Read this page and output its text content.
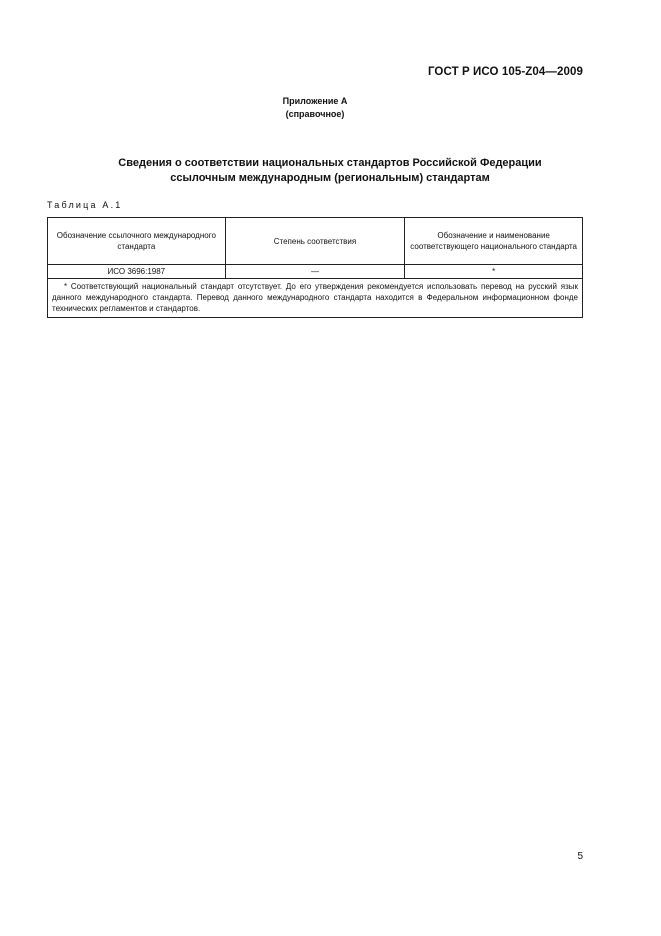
ГОСТ Р ИСО 105-Z04—2009
Приложение А
(справочное)
Сведения о соответствии национальных стандартов Российской Федерации
ссылочным международным (региональным) стандартам
Таблица А.1
Обозначение ссылочного международного стандарта	Степень соответствия	Обозначение и наименование соответствующего национального стандарта
ИСО 3696:1987	—	*
* Соответствующий национальный стандарт отсутствует. До его утверждения рекомендуется использовать перевод на русский язык данного международного стандарта. Перевод данного международного стандарта находится в Федеральном информационном фонде технических регламентов и стандартов.		
5
